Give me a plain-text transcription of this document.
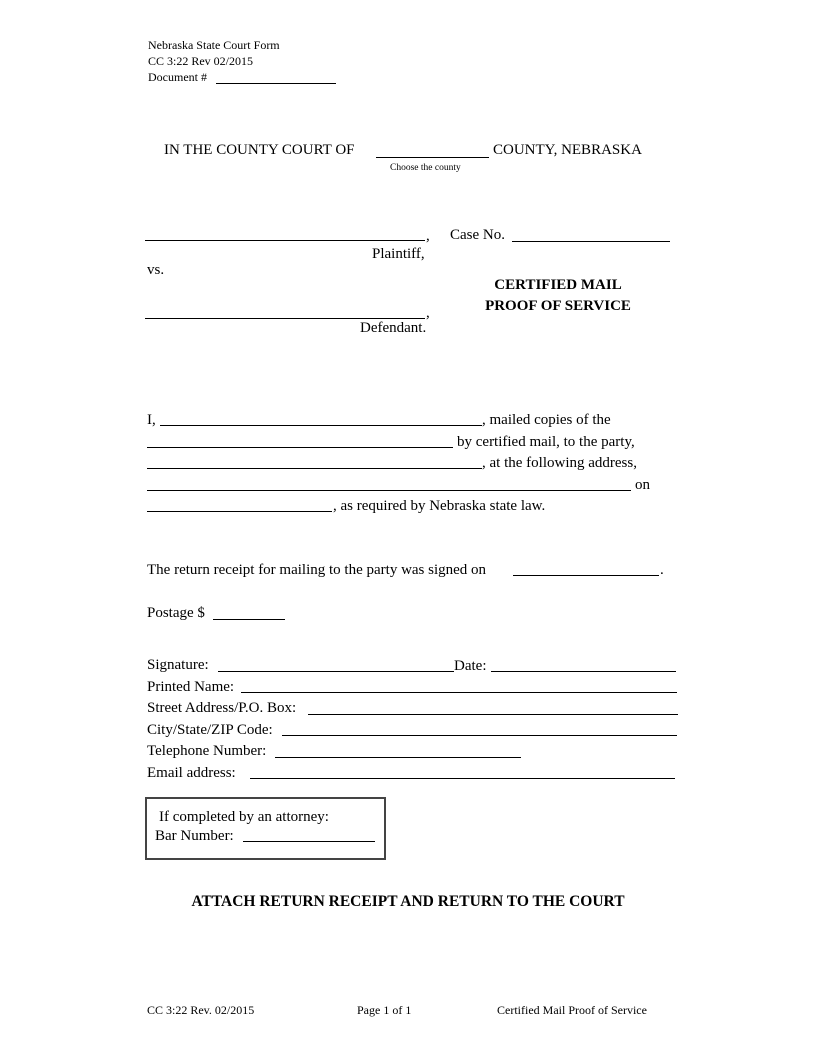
Nebraska State Court Form
CC 3:22 Rev 02/2015
Document #
IN THE COUNTY COURT OF	COUNTY, NEBRASKA
Choose the county
, Case No.
Plaintiff,
vs.
CERTIFIED MAIL
PROOF OF SERVICE
,
Defendant.
I,	, mailed copies of the
by certified mail, to the party,
, at the following address,
on
, as required by Nebraska state law.
The return receipt for mailing to the party was signed on	.
Postage $
Signature:	Date:
Printed Name:
Street Address/P.O. Box:
City/State/ZIP Code:
Telephone Number:
Email address:
If completed by an attorney:
Bar Number:
ATTACH RETURN RECEIPT AND RETURN TO THE COURT
CC 3:22 Rev. 02/2015	Page 1 of 1	Certified Mail Proof of Service
